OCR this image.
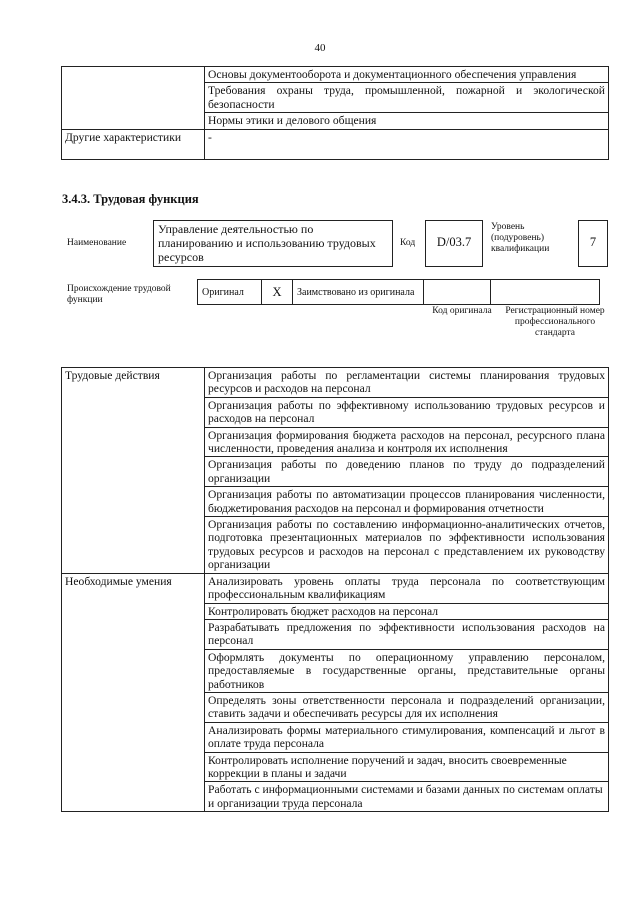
40
	Основы документооборота и документационного обеспечения управления
	Требования охраны труда, промышленной, пожарной и экологической безопасности
	Нормы этики и делового общения
Другие характеристики	-
3.4.3. Трудовая функция
Наименование
Управление деятельностью по планированию и использованию трудовых ресурсов
Код	D/03.7
Уровень (подуровень) квалификации	7
Происхождение трудовой функции
Оригинал	X	Заимствовано из оригинала		
Код оригинала	Регистрационный номер профессионального стандарта
Трудовые действия	Организация работы по регламентации системы планирования трудовых ресурсов и расходов на персонал
	Организация работы по эффективному использованию трудовых ресурсов и расходов на персонал
	Организация формирования бюджета расходов на персонал, ресурсного плана численности, проведения анализа и контроля их исполнения
	Организация работы по доведению планов по труду до подразделений организации
	Организация работы по автоматизации процессов планирования численности, бюджетирования расходов на персонал и формирования отчетности
	Организация работы по составлению информационно-аналитических отчетов, подготовка презентационных материалов по эффективности использования трудовых ресурсов и расходов на персонал с представлением их руководству организации
Необходимые умения	Анализировать уровень оплаты труда персонала по соответствующим профессиональным квалификациям
	Контролировать бюджет расходов на персонал
	Разрабатывать предложения по эффективности использования расходов на персонал
	Оформлять документы по операционному управлению персоналом, предоставляемые в государственные органы, представительные органы работников
	Определять зоны ответственности персонала и подразделений организации, ставить задачи и обеспечивать ресурсы для их исполнения
	Анализировать формы материального стимулирования, компенсаций и льгот в оплате труда персонала
	Контролировать исполнение поручений и задач, вносить своевременные коррекции в планы и задачи
	Работать с информационными системами и базами данных по системам оплаты и организации труда персонала
